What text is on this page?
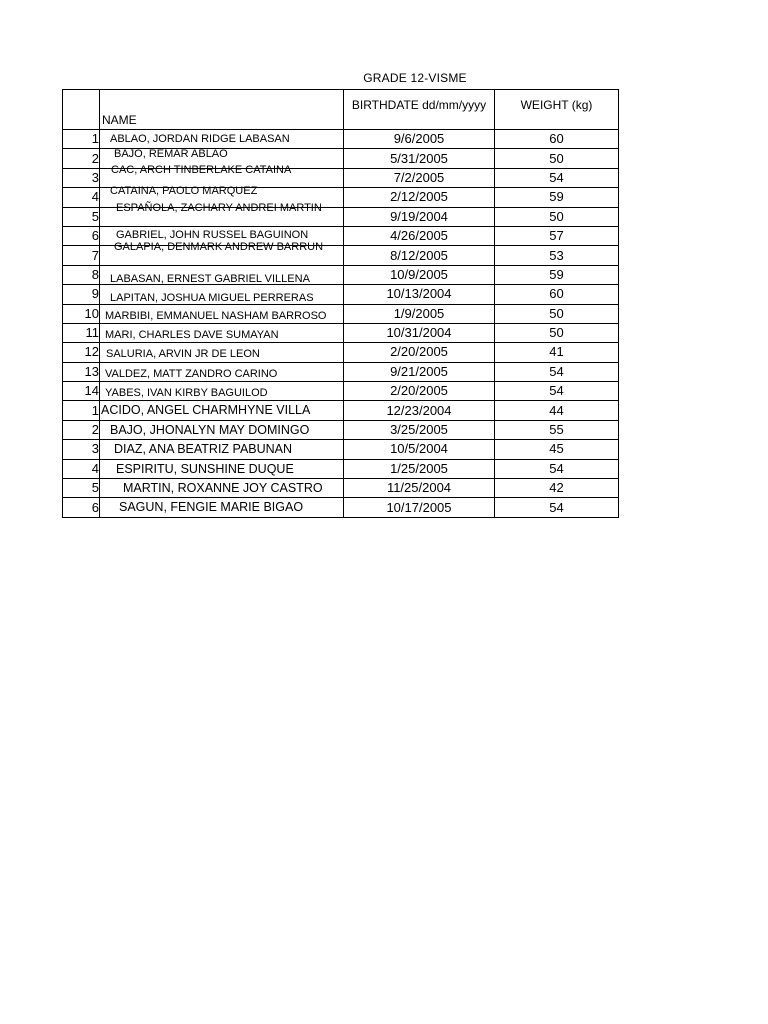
GRADE 12-VISME
	NAME	BIRTHDATE dd/mm/yyyy	WEIGHT (kg)

1	ABLAO, JORDAN RIDGE LABASAN	9/6/2005	60
2	BAJO, REMAR ABLAO	5/31/2005	50
3	CAC, ARCH TINBERLAKE CATAINA	7/2/2005	54
4	CATAINA, PAOLO MARQUEZ	2/12/2005	59
5	ESPAÑOLA, ZACHARY ANDREI MARTIN	9/19/2004	50
6	GABRIEL, JOHN RUSSEL BAGUINON	4/26/2005	57
7	GALAPIA, DENMARK ANDREW BARRUN	8/12/2005	53
8	LABASAN, ERNEST GABRIEL VILLENA	10/9/2005	59
9	LAPITAN, JOSHUA MIGUEL PERRERAS	10/13/2004	60
10	MARBIBI, EMMANUEL NASHAM BARROSO	1/9/2005	50
11	MARI, CHARLES DAVE SUMAYAN	10/31/2004	50
12	SALURIA, ARVIN JR DE LEON	2/20/2005	41
13	VALDEZ, MATT ZANDRO CARINO	9/21/2005	54
14	YABES, IVAN KIRBY BAGUILOD	2/20/2005	54
1	ACIDO, ANGEL CHARMHYNE VILLA	12/23/2004	44
2	BAJO, JHONALYN MAY DOMINGO	3/25/2005	55
3	DIAZ, ANA BEATRIZ PABUNAN	10/5/2004	45
4	ESPIRITU, SUNSHINE DUQUE	1/25/2005	54
5	MARTIN, ROXANNE JOY CASTRO	11/25/2004	42
6	SAGUN, FENGIE MARIE BIGAO	10/17/2005	54
